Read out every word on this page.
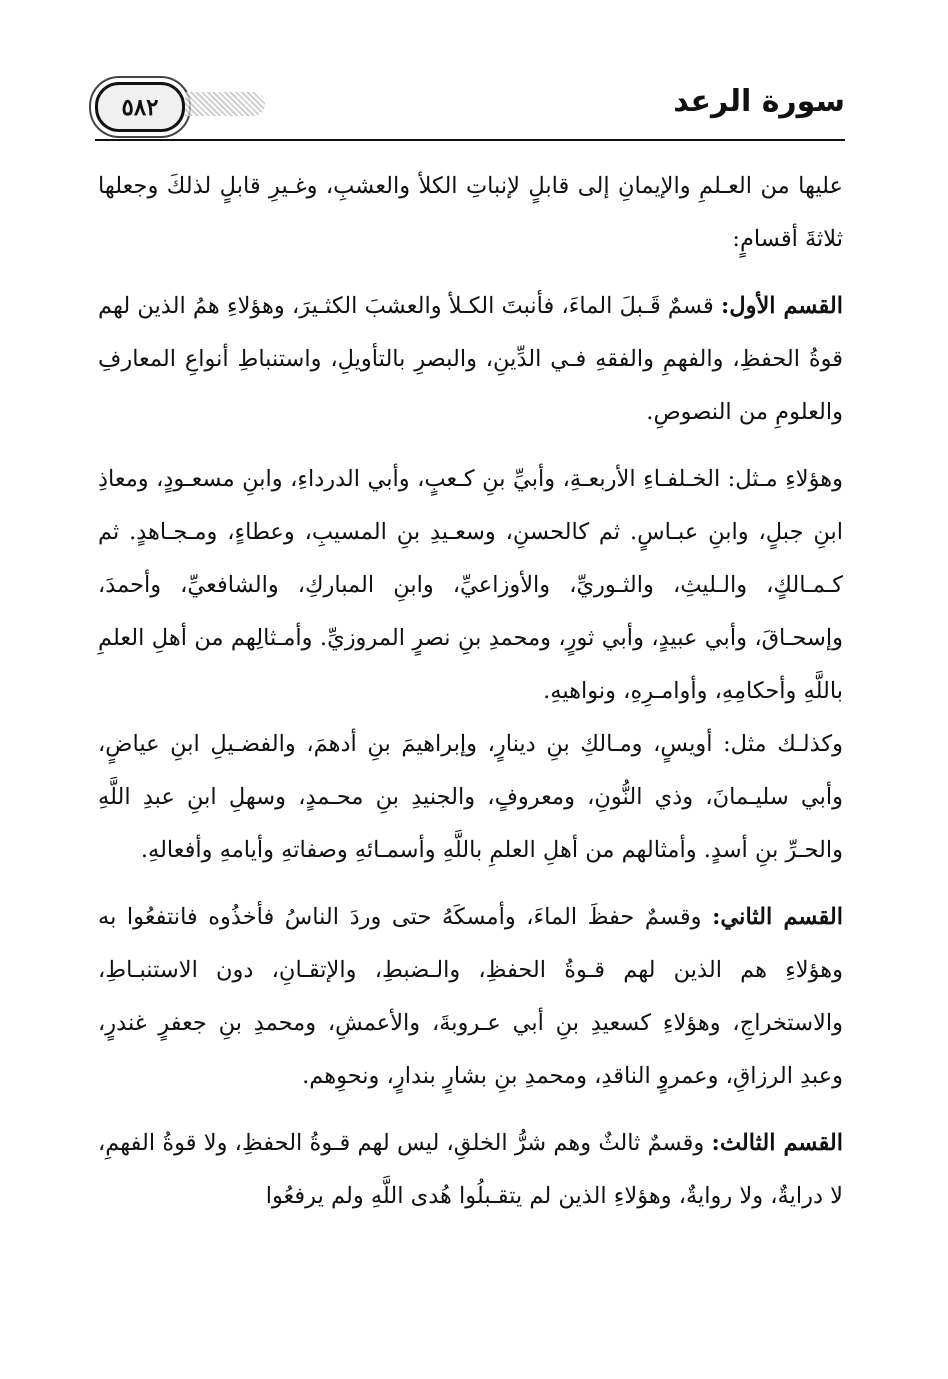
٥٨٢	سورة الرعد

عليها من العـلمِ والإيمانِ إلى قابلٍ لإنباتِ الكلأ والعشبِ، وغـيرِ قابلٍ لذلكَ وجعلها ثلاثةَ أقسامٍ:

القسم الأول: قسمٌ قَـبلَ الماءَ، فأنبتَ الكـلأ والعشبَ الكثـيرَ، وهؤلاءِ همُ الذين لهم قوةُ الحفظِ، والفهمِ والفقهِ فـي الدِّينِ، والبصرِ بالتأويلِ، واستنباطِ أنواعِ المعارفِ والعلومِ من النصوصِ.

وهؤلاءِ مـثل: الخـلفـاءِ الأربعـةِ، وأبيِّ بنِ كـعبٍ، وأبي الدرداءِ، وابنِ مسعـودٍ، ومعاذِ ابنِ جبلٍ، وابنِ عبـاسٍ. ثم كالحسنِ، وسعـيدِ بنِ المسيبِ، وعطاءٍ، ومـجـاهدٍ. ثم كـمـالكٍ، والـليثِ، والثـوريِّ، والأوزاعيِّ، وابنِ المباركِ، والشافعيِّ، وأحمدَ، وإسحـاقَ، وأبي عبيدٍ، وأبي ثورٍ، ومحمدِ بنِ نصرٍ المروزيِّ. وأمـثالِهم من أهلِ العلمِ باللَّهِ وأحكامِهِ، وأوامـرِهِ، ونواهيهِ.

وكذلـك مثل: أويسٍ، ومـالكِ بنِ دينارٍ، وإبراهيمَ بنِ أدهمَ، والفضـيلِ ابنِ عياضٍ، وأبي سليـمانَ، وذي النُّونِ، ومعروفٍ، والجنيدِ بنِ محـمدٍ، وسهلِ ابنِ عبدِ اللَّهِ والحـرِّ بنِ أسدٍ. وأمثالهم من أهلِ العلمِ باللَّهِ وأسمـائهِ وصفاتهِ وأيامهِ وأفعالهِ.

القسم الثاني: وقسمٌ حفظَ الماءَ، وأمسكَهُ حتى وردَ الناسُ فأخذُوه فانتفعُوا به وهؤلاءِ هم الذين لهم قـوةُ الحفظِ، والـضبطِ، والإتقـانِ، دون الاستنبـاطِ، والاستخراجِ، وهؤلاءِ كسعيدِ بنِ أبي عـروبةَ، والأعمشِ، ومحمدِ بنِ جعفرٍ غندرٍ، وعبدِ الرزاقِ، وعمروٍ الناقدِ، ومحمدِ بنِ بشارٍ بندارٍ، ونحوِهم.

القسم الثالث: وقسمٌ ثالثٌ وهم شرُّ الخلقِ، ليس لهم قـوةُ الحفظِ، ولا قوةُ الفهمِ، لا درايةٌ، ولا روايةٌ، وهؤلاءِ الذين لم يتقـبلُوا هُدى اللَّهِ ولم يرفعُوا
